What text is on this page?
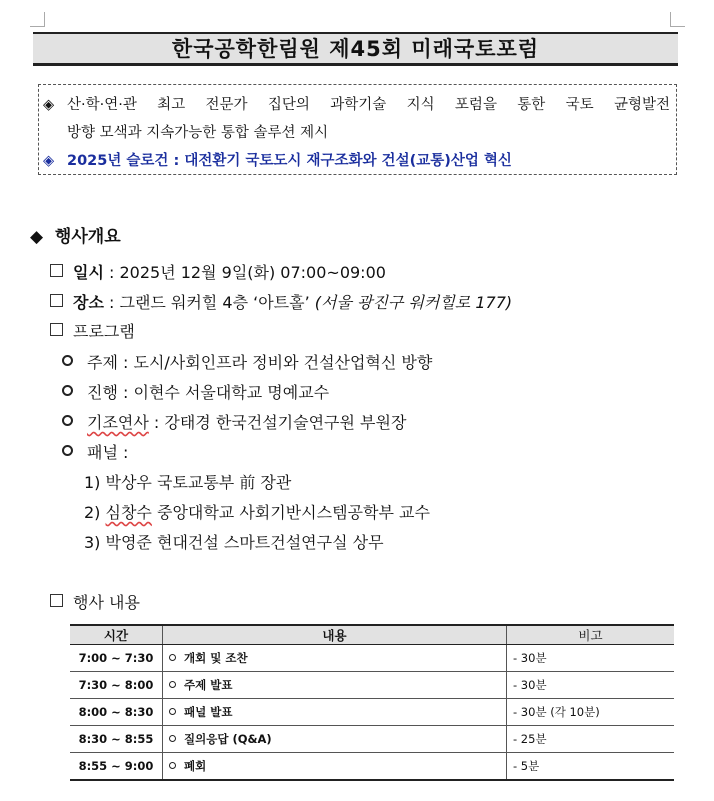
한국공학한림원 제45회 미래국토포럼
◈ 산·학·연·관 최고 전문가 집단의 과학기술 지식 포럼을 통한 국토 균형발전
방향 모색과 지속가능한 통합 솔루션 제시
◈ 2025년 슬로건 : 대전환기 국토도시 재구조화와 건설(교통)산업 혁신
◆ 행사개요
일시 : 2025년 12월 9일(화) 07:00~09:00
장소 : 그랜드 워커힐 4층 ‘아트홀’ (서울 광진구 워커힐로 177)
프로그램
주제 : 도시/사회인프라 정비와 건설산업혁신 방향
진행 : 이현수 서울대학교 명예교수
기조연사 : 강태경 한국건설기술연구원 부원장
패널 :
1) 박상우 국토교통부 前 장관
2) 심창수 중앙대학교 사회기반시스템공학부 교수
3) 박영준 현대건설 스마트건설연구실 상무
행사 내용
시간	내용	비고
7:00 ~ 7:30	개회 및 조찬	- 30분
7:30 ~ 8:00	주제 발표	- 30분
8:00 ~ 8:30	패널 발표	- 30분 (각 10분)
8:30 ~ 8:55	질의응답 (Q&A)	- 25분
8:55 ~ 9:00	폐회	- 5분
